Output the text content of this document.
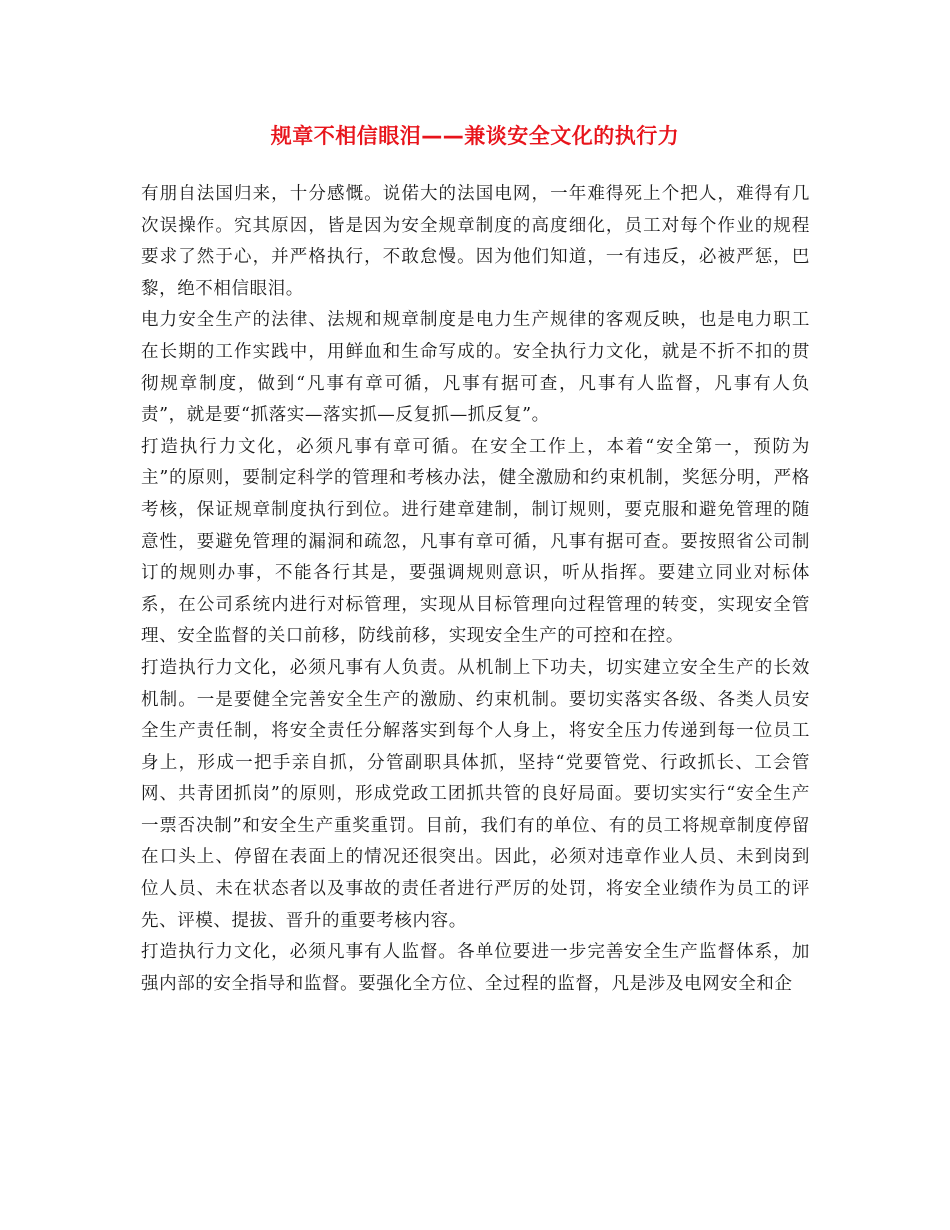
规章不相信眼泪——兼谈安全文化的执行力

有朋自法国归来，十分感慨。说偌大的法国电网，一年难得死上个把人，难得有几次误操作。究其原因，皆是因为安全规章制度的高度细化，员工对每个作业的规程要求了然于心，并严格执行，不敢怠慢。因为他们知道，一有违反，必被严惩，巴黎，绝不相信眼泪。

电力安全生产的法律、法规和规章制度是电力生产规律的客观反映，也是电力职工在长期的工作实践中，用鲜血和生命写成的。安全执行力文化，就是不折不扣的贯彻规章制度，做到“凡事有章可循，凡事有据可查，凡事有人监督，凡事有人负责”，就是要“抓落实—落实抓—反复抓—抓反复”。

打造执行力文化，必须凡事有章可循。在安全工作上，本着“安全第一，预防为主”的原则，要制定科学的管理和考核办法，健全激励和约束机制，奖惩分明，严格考核，保证规章制度执行到位。进行建章建制，制订规则，要克服和避免管理的随意性，要避免管理的漏洞和疏忽，凡事有章可循，凡事有据可查。要按照省公司制订的规则办事，不能各行其是，要强调规则意识，听从指挥。要建立同业对标体系，在公司系统内进行对标管理，实现从目标管理向过程管理的转变，实现安全管理、安全监督的关口前移，防线前移，实现安全生产的可控和在控。

打造执行力文化，必须凡事有人负责。从机制上下功夫，切实建立安全生产的长效机制。一是要健全完善安全生产的激励、约束机制。要切实落实各级、各类人员安全生产责任制，将安全责任分解落实到每个人身上，将安全压力传递到每一位员工身上，形成一把手亲自抓，分管副职具体抓，坚持“党要管党、行政抓长、工会管网、共青团抓岗”的原则，形成党政工团抓共管的良好局面。要切实实行“安全生产一票否决制”和安全生产重奖重罚。目前，我们有的单位、有的员工将规章制度停留在口头上、停留在表面上的情况还很突出。因此，必须对违章作业人员、未到岗到位人员、未在状态者以及事故的责任者进行严厉的处罚，将安全业绩作为员工的评先、评模、提拔、晋升的重要考核内容。

打造执行力文化，必须凡事有人监督。各单位要进一步完善安全生产监督体系，加强内部的安全指导和监督。要强化全方位、全过程的监督，凡是涉及电网安全和企
